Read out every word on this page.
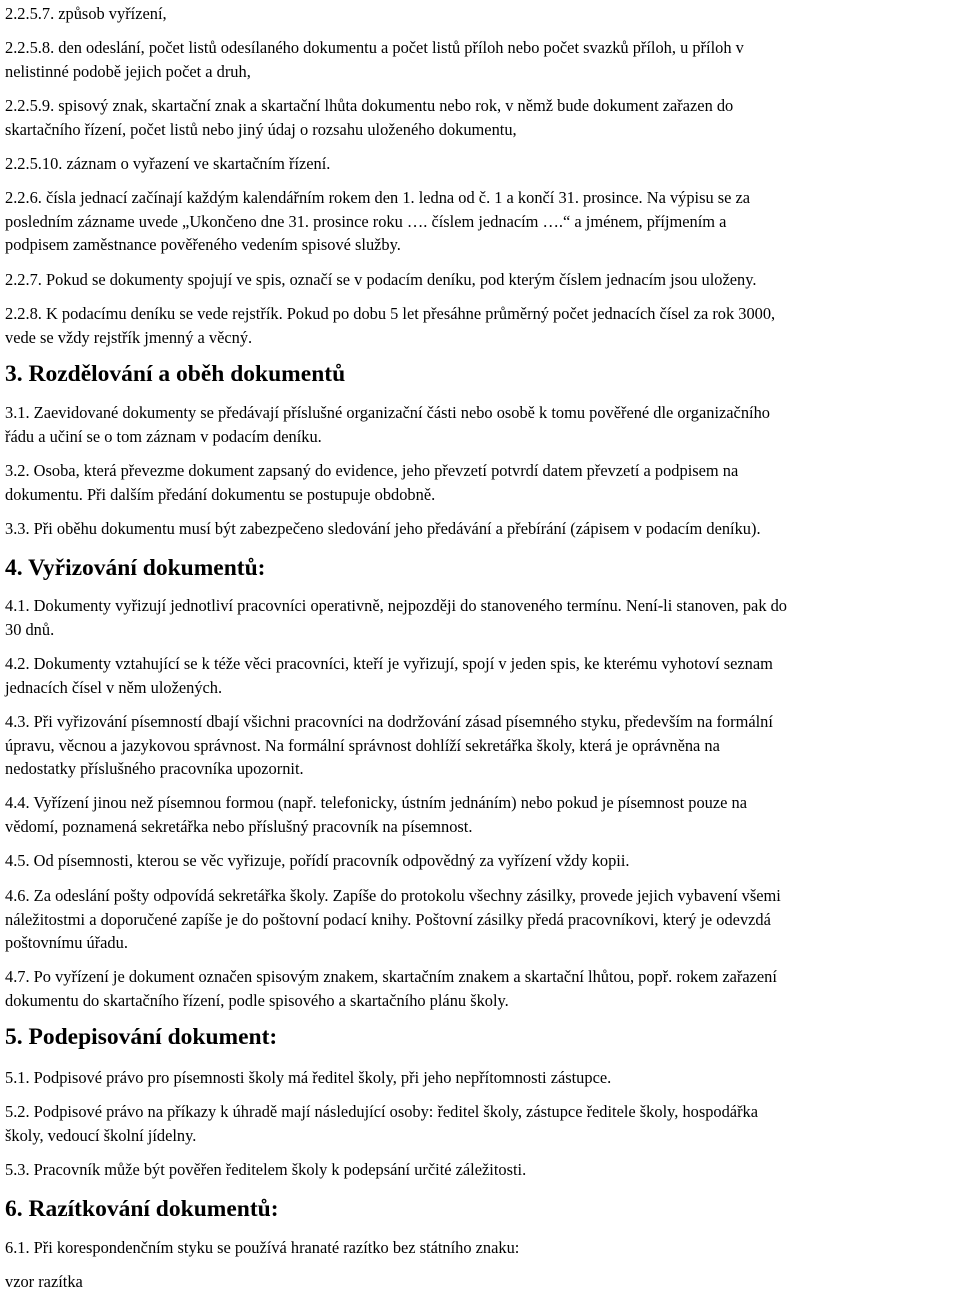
2.2.5.7. způsob vyřízení,

2.2.5.8. den odeslání, počet listů odesílaného dokumentu a počet listů příloh nebo počet svazků příloh, u příloh v
nelistinné podobě jejich počet a druh,

2.2.5.9. spisový znak, skartační znak a skartační lhůta dokumentu nebo rok, v němž bude dokument zařazen do
skartačního řízení, počet listů nebo jiný údaj o rozsahu uloženého dokumentu,

2.2.5.10. záznam o vyřazení ve skartačním řízení.

2.2.6. čísla jednací začínají každým kalendářním rokem den 1. ledna od č. 1 a končí 31. prosince. Na výpisu se za
posledním zázname uvede „Ukončeno dne 31. prosince roku …. číslem jednacím ….“ a jménem, příjmením a
podpisem zaměstnance pověřeného vedením spisové služby.

2.2.7. Pokud se dokumenty spojují ve spis, označí se v podacím deníku, pod kterým číslem jednacím jsou uloženy.

2.2.8. K podacímu deníku se vede rejstřík. Pokud po dobu 5 let přesáhne průměrný počet jednacích čísel za rok 3000,
vede se vždy rejstřík jmenný a věcný.

3. Rozdělování a oběh dokumentů

3.1. Zaevidované dokumenty se předávají příslušné organizační části nebo osobě k tomu pověřené dle organizačního
řádu a učiní se o tom záznam v podacím deníku.

3.2. Osoba, která převezme dokument zapsaný do evidence, jeho převzetí potvrdí datem převzetí a podpisem na
dokumentu. Při dalším předání dokumentu se postupuje obdobně.

3.3. Při oběhu dokumentu musí být zabezpečeno sledování jeho předávání a přebírání (zápisem v podacím deníku).

4. Vyřizování dokumentů:

4.1. Dokumenty vyřizují jednotliví pracovníci operativně, nejpozději do stanoveného termínu. Není-li stanoven, pak do
30 dnů.

4.2. Dokumenty vztahující se k téže věci pracovníci, kteří je vyřizují, spojí v jeden spis, ke kterému vyhotoví seznam
jednacích čísel v něm uložených.

4.3. Při vyřizování písemností dbají všichni pracovníci na dodržování zásad písemného styku, především na formální
úpravu, věcnou a jazykovou správnost. Na formální správnost dohlíží sekretářka školy, která je oprávněna na
nedostatky příslušného pracovníka upozornit.

4.4. Vyřízení jinou než písemnou formou (např. telefonicky, ústním jednáním) nebo pokud je písemnost pouze na
vědomí, poznamená sekretářka nebo příslušný pracovník na písemnost.

4.5. Od písemnosti, kterou se věc vyřizuje, pořídí pracovník odpovědný za vyřízení vždy kopii.

4.6. Za odeslání pošty odpovídá sekretářka školy. Zapíše do protokolu všechny zásilky, provede jejich vybavení všemi
náležitostmi a doporučené zapíše je do poštovní podací knihy. Poštovní zásilky předá pracovníkovi, který je odevzdá
poštovnímu úřadu.

4.7. Po vyřízení je dokument označen spisovým znakem, skartačním znakem a skartační lhůtou, popř. rokem zařazení
dokumentu do skartačního řízení, podle spisového a skartačního plánu školy.

5. Podepisování dokument:

5.1. Podpisové právo pro písemnosti školy má ředitel školy, při jeho nepřítomnosti zástupce.

5.2. Podpisové právo na příkazy k úhradě mají následující osoby: ředitel školy, zástupce ředitele školy, hospodářka
školy, vedoucí školní jídelny.

5.3. Pracovník může být pověřen ředitelem školy k podepsání určité záležitosti.

6. Razítkování dokumentů:

6.1. Při korespondenčním styku se používá hranaté razítko bez státního znaku:

vzor razítka
